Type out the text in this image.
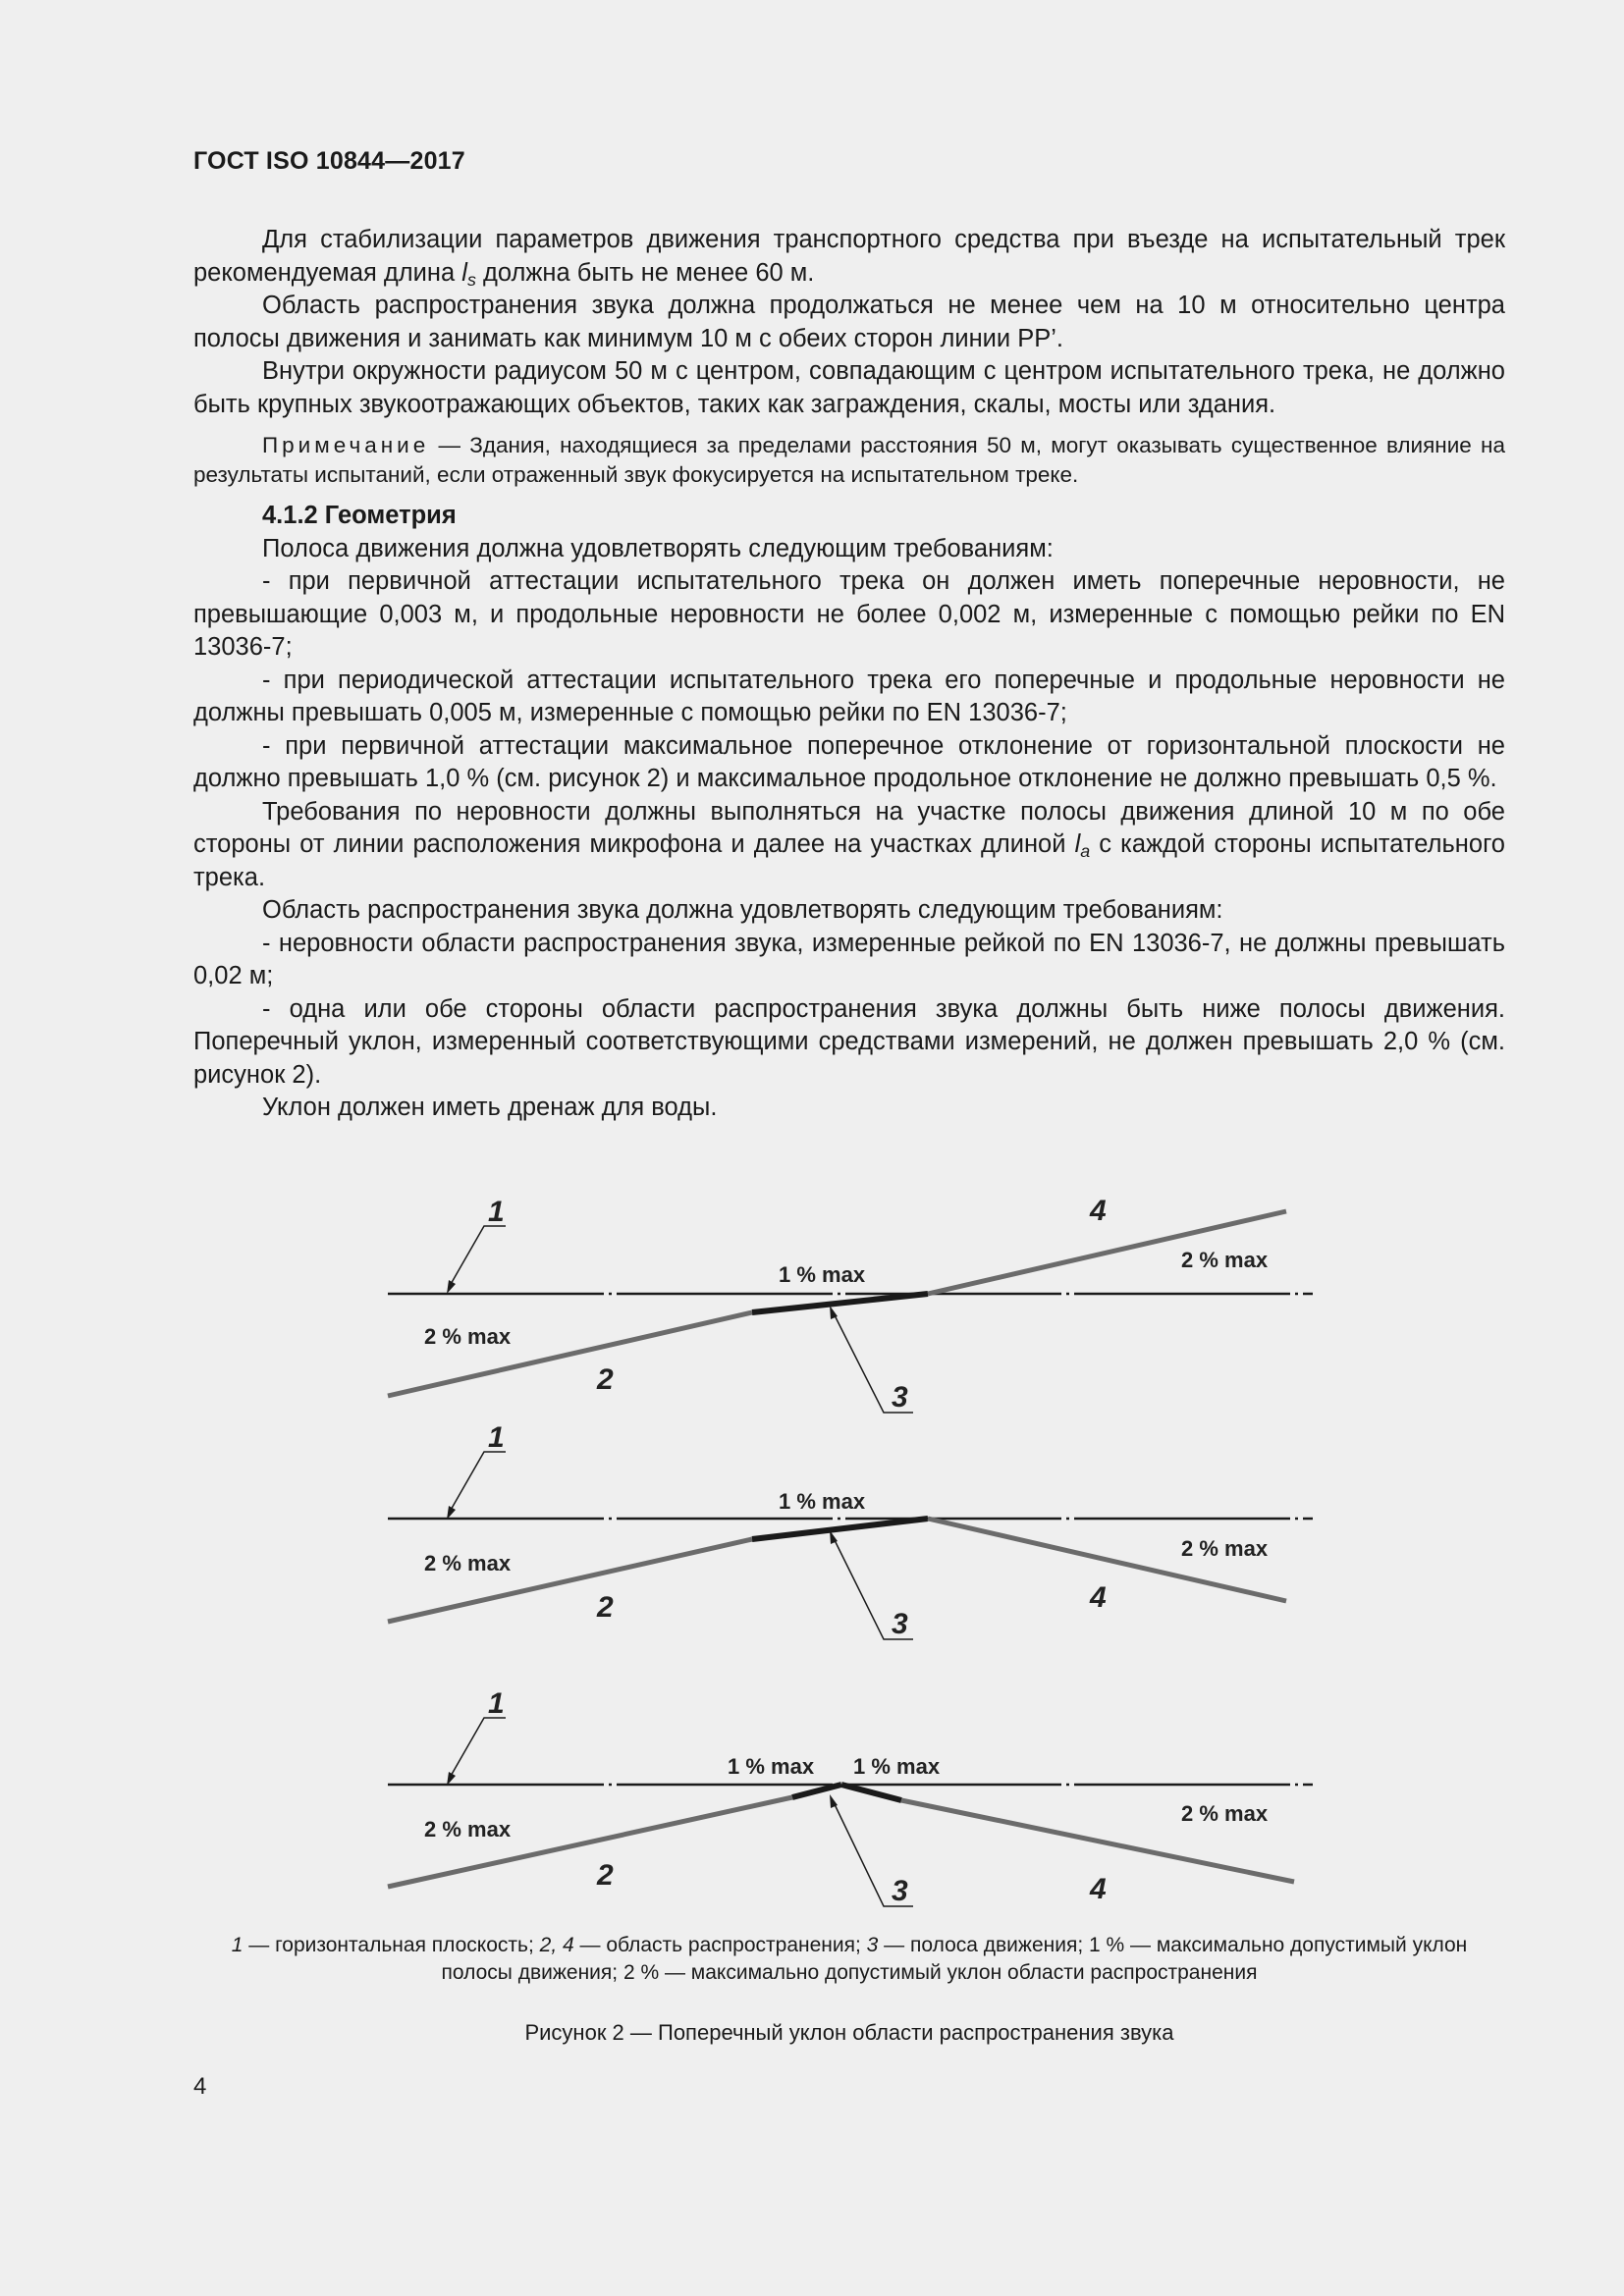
ГОСТ ISO 10844—2017

Для стабилизации параметров движения транспортного средства при въезде на испытательный трек рекомендуемая длина $l_s$ должна быть не менее 60 м.

Область распространения звука должна продолжаться не менее чем на 10 м относительно центра полосы движения и занимать как минимум 10 м с обеих сторон линии PP’.

Внутри окружности радиусом 50 м с центром, совпадающим с центром испытательного трека, не должно быть крупных звукоотражающих объектов, таких как заграждения, скалы, мосты или здания.

Примечание — Здания, находящиеся за пределами расстояния 50 м, могут оказывать существенное влияние на результаты испытаний, если отраженный звук фокусируется на испытательном треке.

4.1.2 Геометрия

Полоса движения должна удовлетворять следующим требованиям:

- при первичной аттестации испытательного трека он должен иметь поперечные неровности, не превышающие 0,003 м, и продольные неровности не более 0,002 м, измеренные с помощью рейки по EN 13036-7;

- при периодической аттестации испытательного трека его поперечные и продольные неровности не должны превышать 0,005 м, измеренные с помощью рейки по EN 13036-7;

- при первичной аттестации максимальное поперечное отклонение от горизонтальной плоскости не должно превышать 1,0 % (см. рисунок 2) и максимальное продольное отклонение не должно превышать 0,5 %.

Требования по неровности должны выполняться на участке полосы движения длиной 10 м по обе стороны от линии расположения микрофона и далее на участках длиной $l_a$ с каждой стороны испытательного трека.

Область распространения звука должна удовлетворять следующим требованиям:

- неровности области распространения звука, измеренные рейкой по EN 13036-7, не должны превышать 0,02 м;

- одна или обе стороны области распространения звука должны быть ниже полосы движения. Поперечный уклон, измеренный соответствующими средствами измерений, не должен превышать 2,0 % (см. рисунок 2).

Уклон должен иметь дренаж для воды.

1
2
3
4
2 % max
1 % max
2 % max
1
2
3
4
2 % max
1 % max
2 % max
1
2	3	4
2 % max
1 % max 1 % max
2 % max
1 — горизонтальная плоскость; 2, 4 — область распространения; 3 — полоса движения; 1 % — максимально допустимый уклон полосы движения; 2 % — максимально допустимый уклон области распространения
Рисунок 2 — Поперечный уклон области распространения звука
4
